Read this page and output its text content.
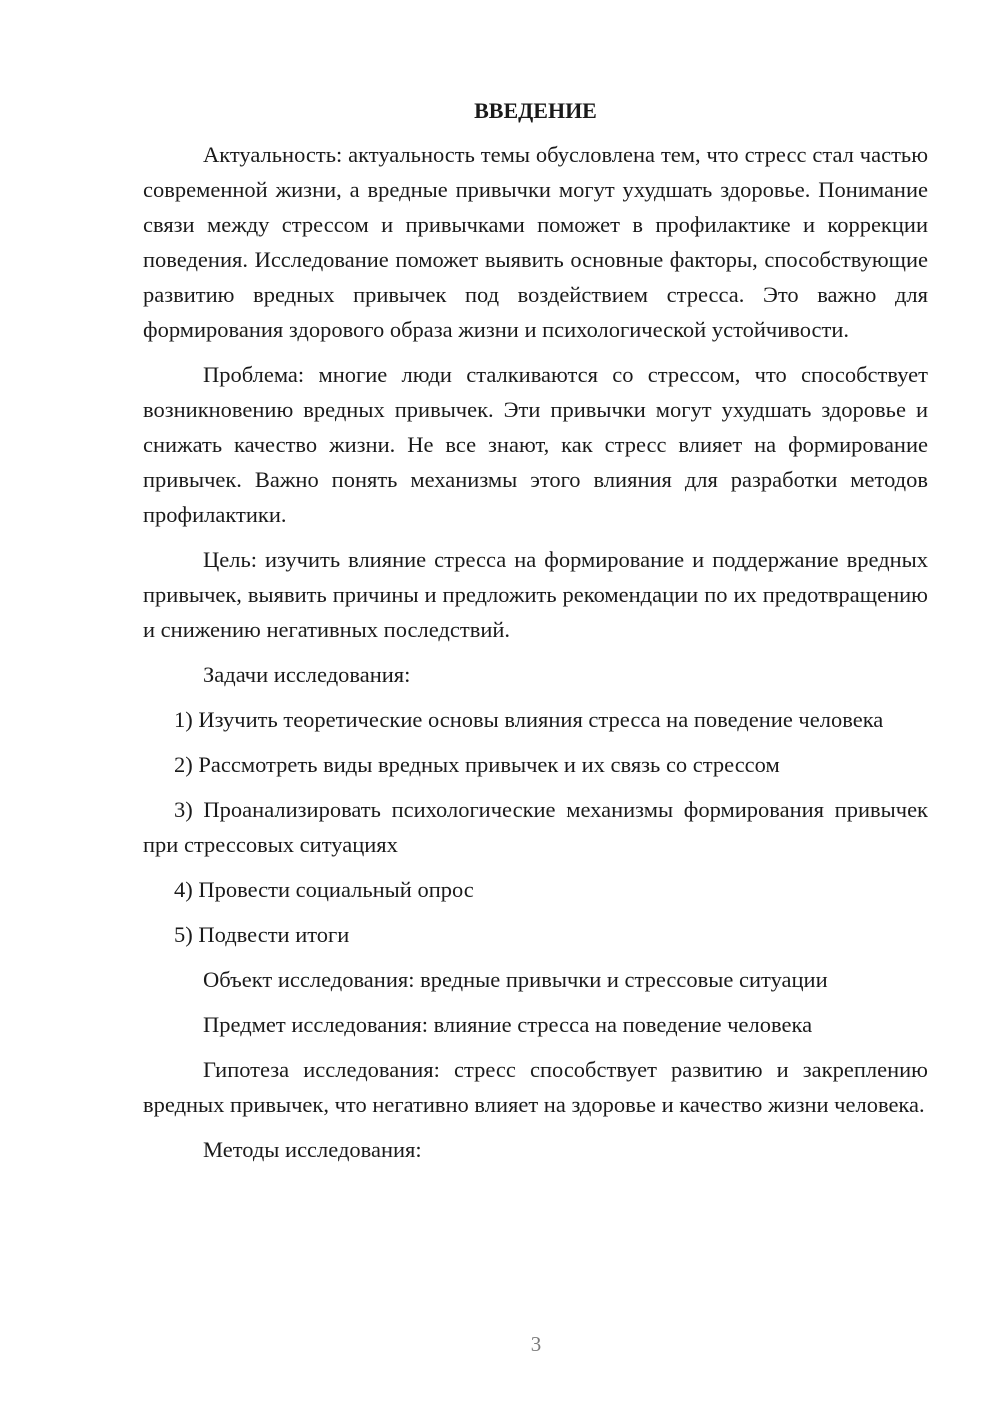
ВВЕДЕНИЕ

Актуальность: актуальность темы обусловлена тем, что стресс стал частью современной жизни, а вредные привычки могут ухудшать здоровье. Понимание связи между стрессом и привычками поможет в профилактике и коррекции поведения. Исследование поможет выявить основные факторы, способствующие развитию вредных привычек под воздействием стресса. Это важно для формирования здорового образа жизни и психологической устойчивости.

Проблема: многие люди сталкиваются со стрессом, что способствует возникновению вредных привычек. Эти привычки могут ухудшать здоровье и снижать качество жизни. Не все знают, как стресс влияет на формирование привычек. Важно понять механизмы этого влияния для разработки методов профилактики.

Цель: изучить влияние стресса на формирование и поддержание вредных привычек, выявить причины и предложить рекомендации по их предотвращению и снижению негативных последствий.

Задачи исследования:

1) Изучить теоретические основы влияния стресса на поведение человека

2) Рассмотреть виды вредных привычек и их связь со стрессом

3) Проанализировать психологические механизмы формирования привычек при стрессовых ситуациях

4) Провести социальный опрос

5) Подвести итоги

Объект исследования: вредные привычки и стрессовые ситуации

Предмет исследования: влияние стресса на поведение человека

Гипотеза исследования: стресс способствует развитию и закреплению вредных привычек, что негативно влияет на здоровье и качество жизни человека.

Методы исследования:

3
